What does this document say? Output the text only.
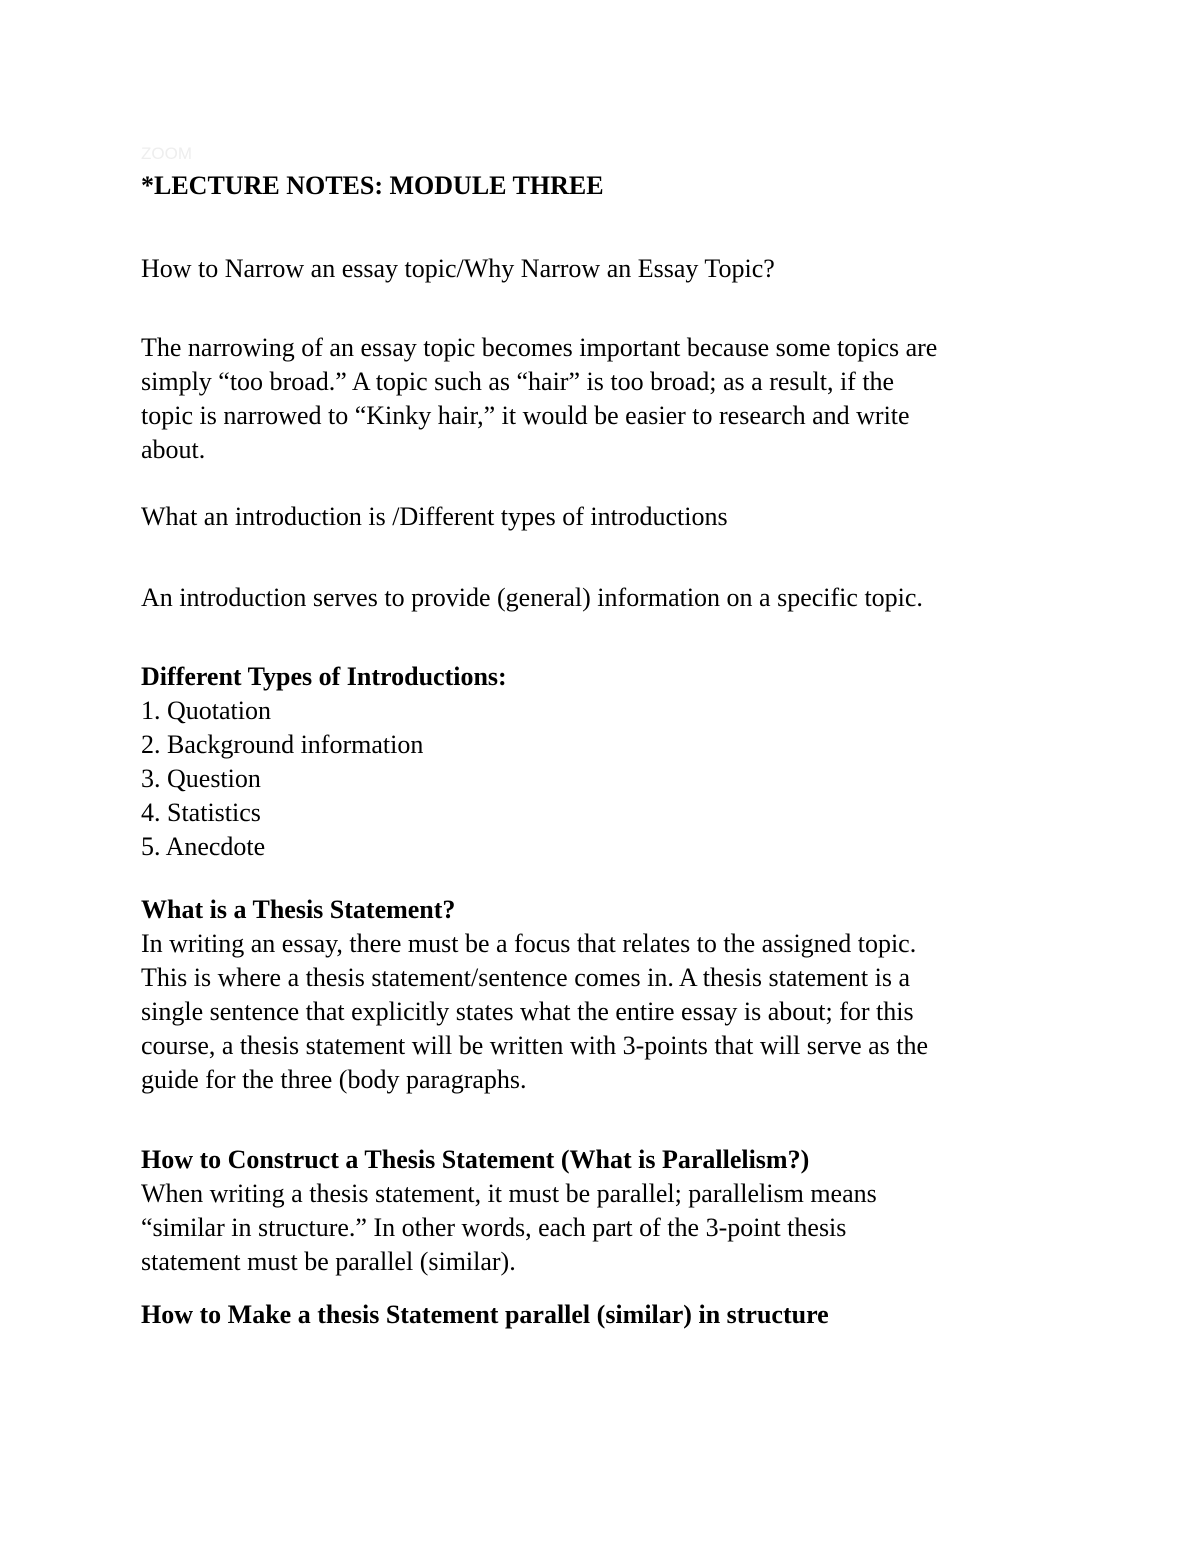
ZOOM

*LECTURE NOTES: MODULE THREE

How to Narrow an essay topic/Why Narrow an Essay Topic?

The narrowing of an essay topic becomes important because some topics are
simply “too broad.” A topic such as “hair” is too broad; as a result, if the
topic is narrowed to “Kinky hair,” it would be easier to research and write
about.

What an introduction is /Different types of introductions

An introduction serves to provide (general) information on a specific topic.

Different Types of Introductions:

1. Quotation
2. Background information
3. Question
4. Statistics
5. Anecdote

What is a Thesis Statement?

In writing an essay, there must be a focus that relates to the assigned topic.
This is where a thesis statement/sentence comes in. A thesis statement is a
single sentence that explicitly states what the entire essay is about; for this
course, a thesis statement will be written with 3-points that will serve as the
guide for the three (body paragraphs.

How to Construct a Thesis Statement (What is Parallelism?)

When writing a thesis statement, it must be parallel; parallelism means
“similar in structure.” In other words, each part of the 3-point thesis
statement must be parallel (similar).

How to Make a thesis Statement parallel (similar) in structure
